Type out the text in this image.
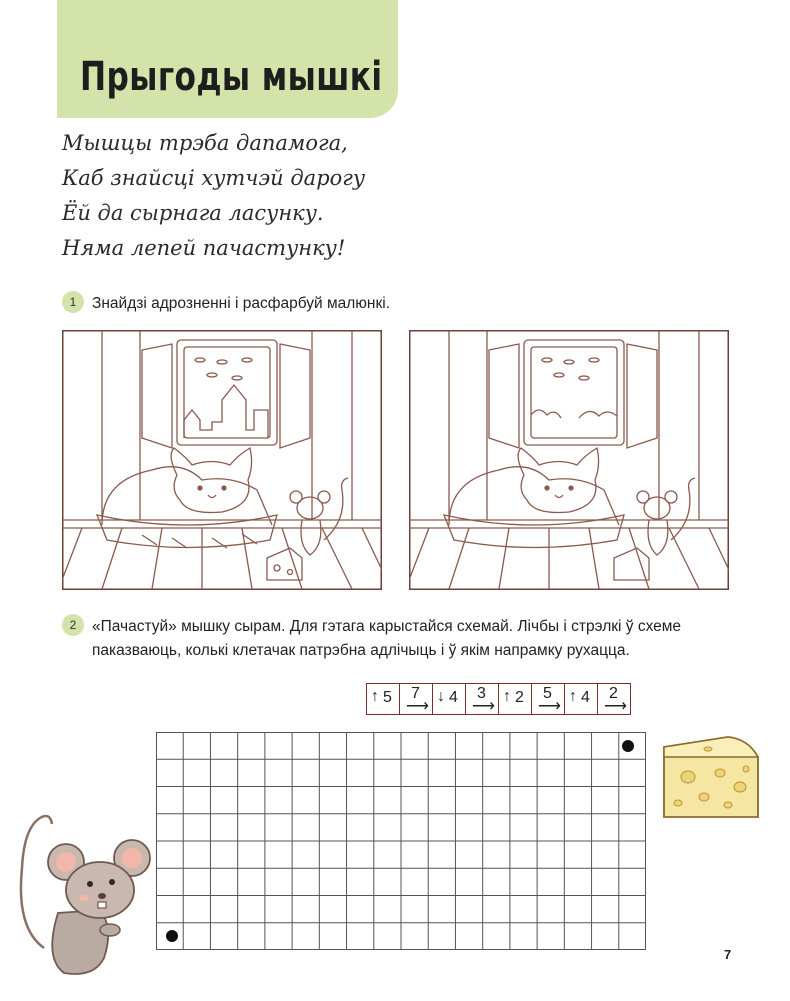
Прыгоды мышкі
Мышцы трэба дапамога,
Каб знайсці хутчэй дарогу
Ёй да сырнага ласунку.
Няма лепей пачастунку!
1	Знайдзі адрозненні і расфарбуй малюнкі.
2	«Пачастуй» мышку сырам. Для гэтага карыстайся схемай. Лічбы і стрэлкі ў схеме паказваюць, колькі клетачак патрэбна адлічыць і ў якім напрамку рухацца.
↑ 5 7
⟶
↓ 4 3
⟶
↑ 2 5
⟶
↑ 4 2
⟶
7
